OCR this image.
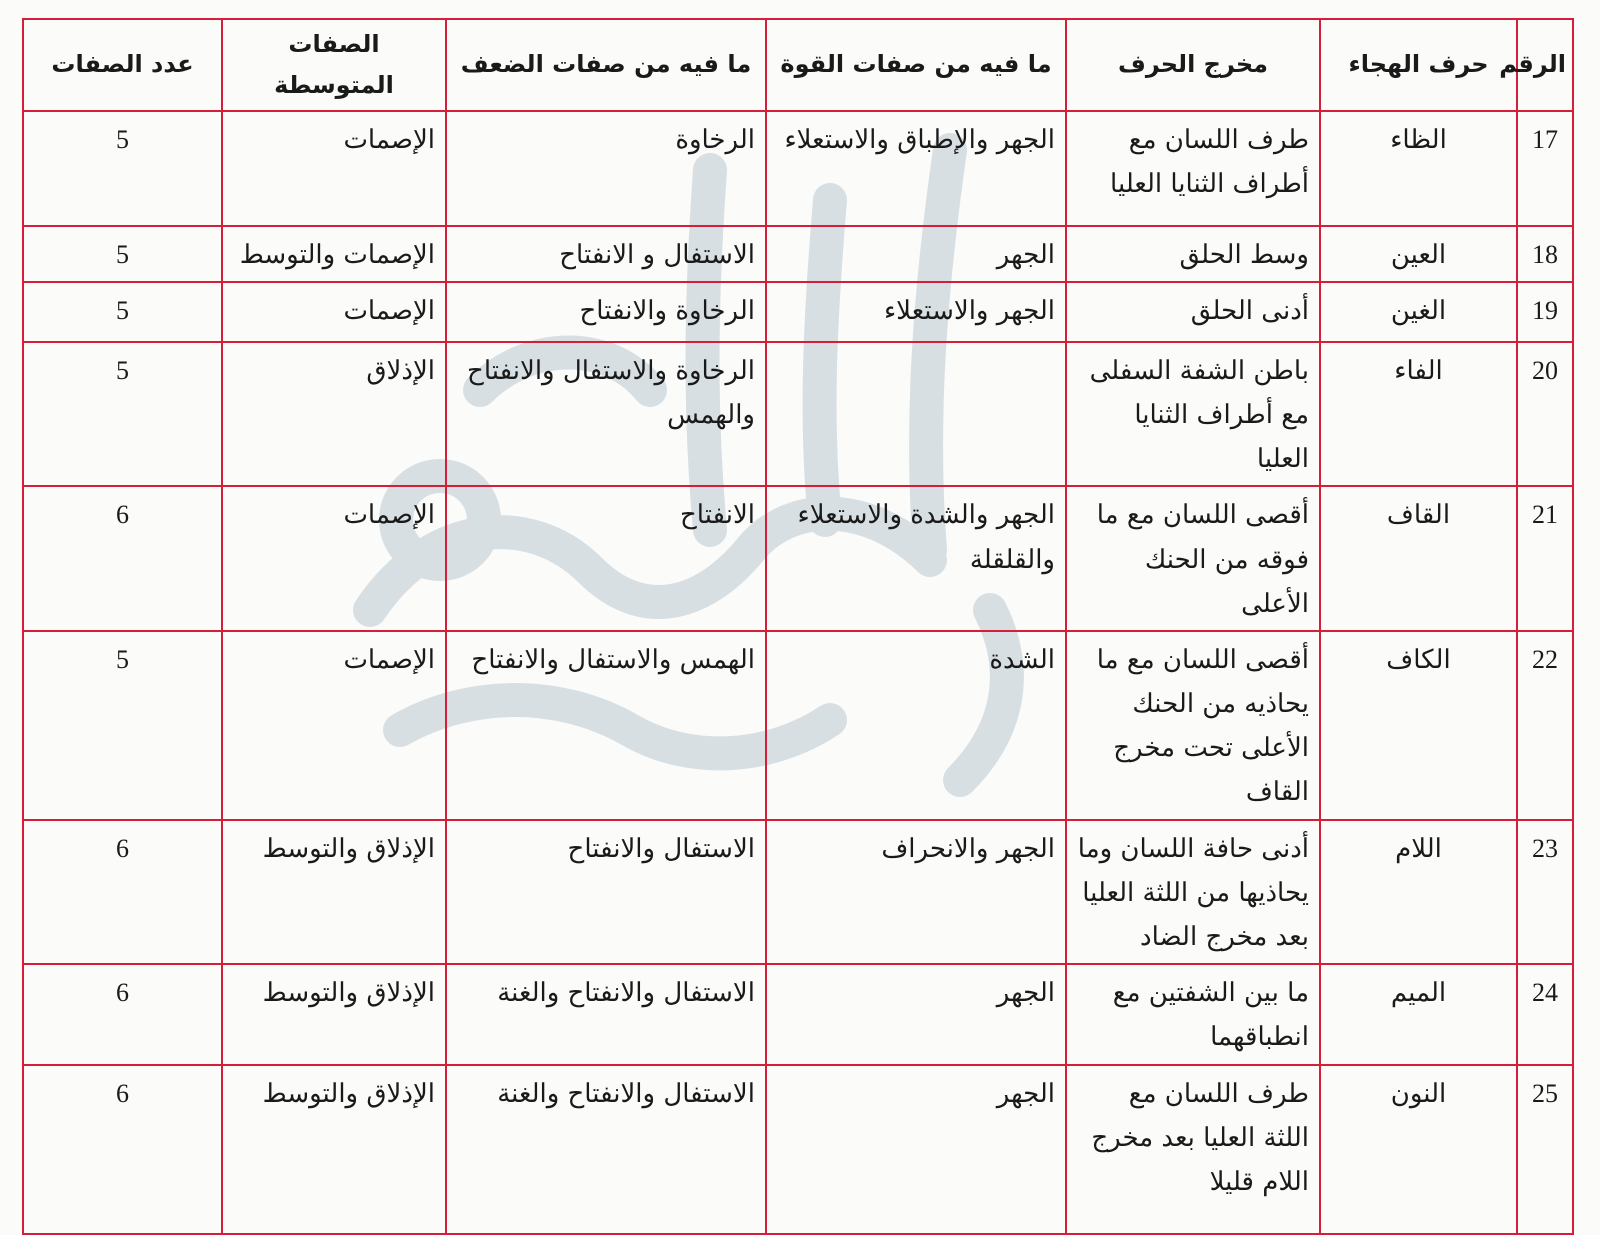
الرقم	حرف الهجاء	مخرج الحرف	ما فيه من صفات القوة	ما فيه من صفات الضعف	الصفات المتوسطة	عدد الصفات
17	الظاء	طرف اللسان مع أطراف الثنايا العليا	الجهر والإطباق والاستعلاء	الرخاوة	الإصمات	5
18	العين	وسط الحلق	الجهر	الاستفال و الانفتاح	الإصمات والتوسط	5
19	الغين	أدنى الحلق	الجهر والاستعلاء	الرخاوة والانفتاح	الإصمات	5
20	الفاء	باطن الشفة السفلى مع أطراف الثنايا العليا		الرخاوة والاستفال والانفتاح والهمس	الإذلاق	5
21	القاف	أقصى اللسان مع ما فوقه من الحنك الأعلى	الجهر والشدة والاستعلاء والقلقلة	الانفتاح	الإصمات	6
22	الكاف	أقصى اللسان مع ما يحاذيه من الحنك الأعلى تحت مخرج القاف	الشدة	الهمس والاستفال والانفتاح	الإصمات	5
23	اللام	أدنى حافة اللسان وما يحاذيها من اللثة العليا بعد مخرج الضاد	الجهر والانحراف	الاستفال والانفتاح	الإذلاق والتوسط	6
24	الميم	ما بين الشفتين مع انطباقهما	الجهر	الاستفال والانفتاح والغنة	الإذلاق والتوسط	6
25	النون	طرف اللسان مع اللثة العليا بعد مخرج اللام قليلا	الجهر	الاستفال والانفتاح والغنة	الإذلاق والتوسط	6
